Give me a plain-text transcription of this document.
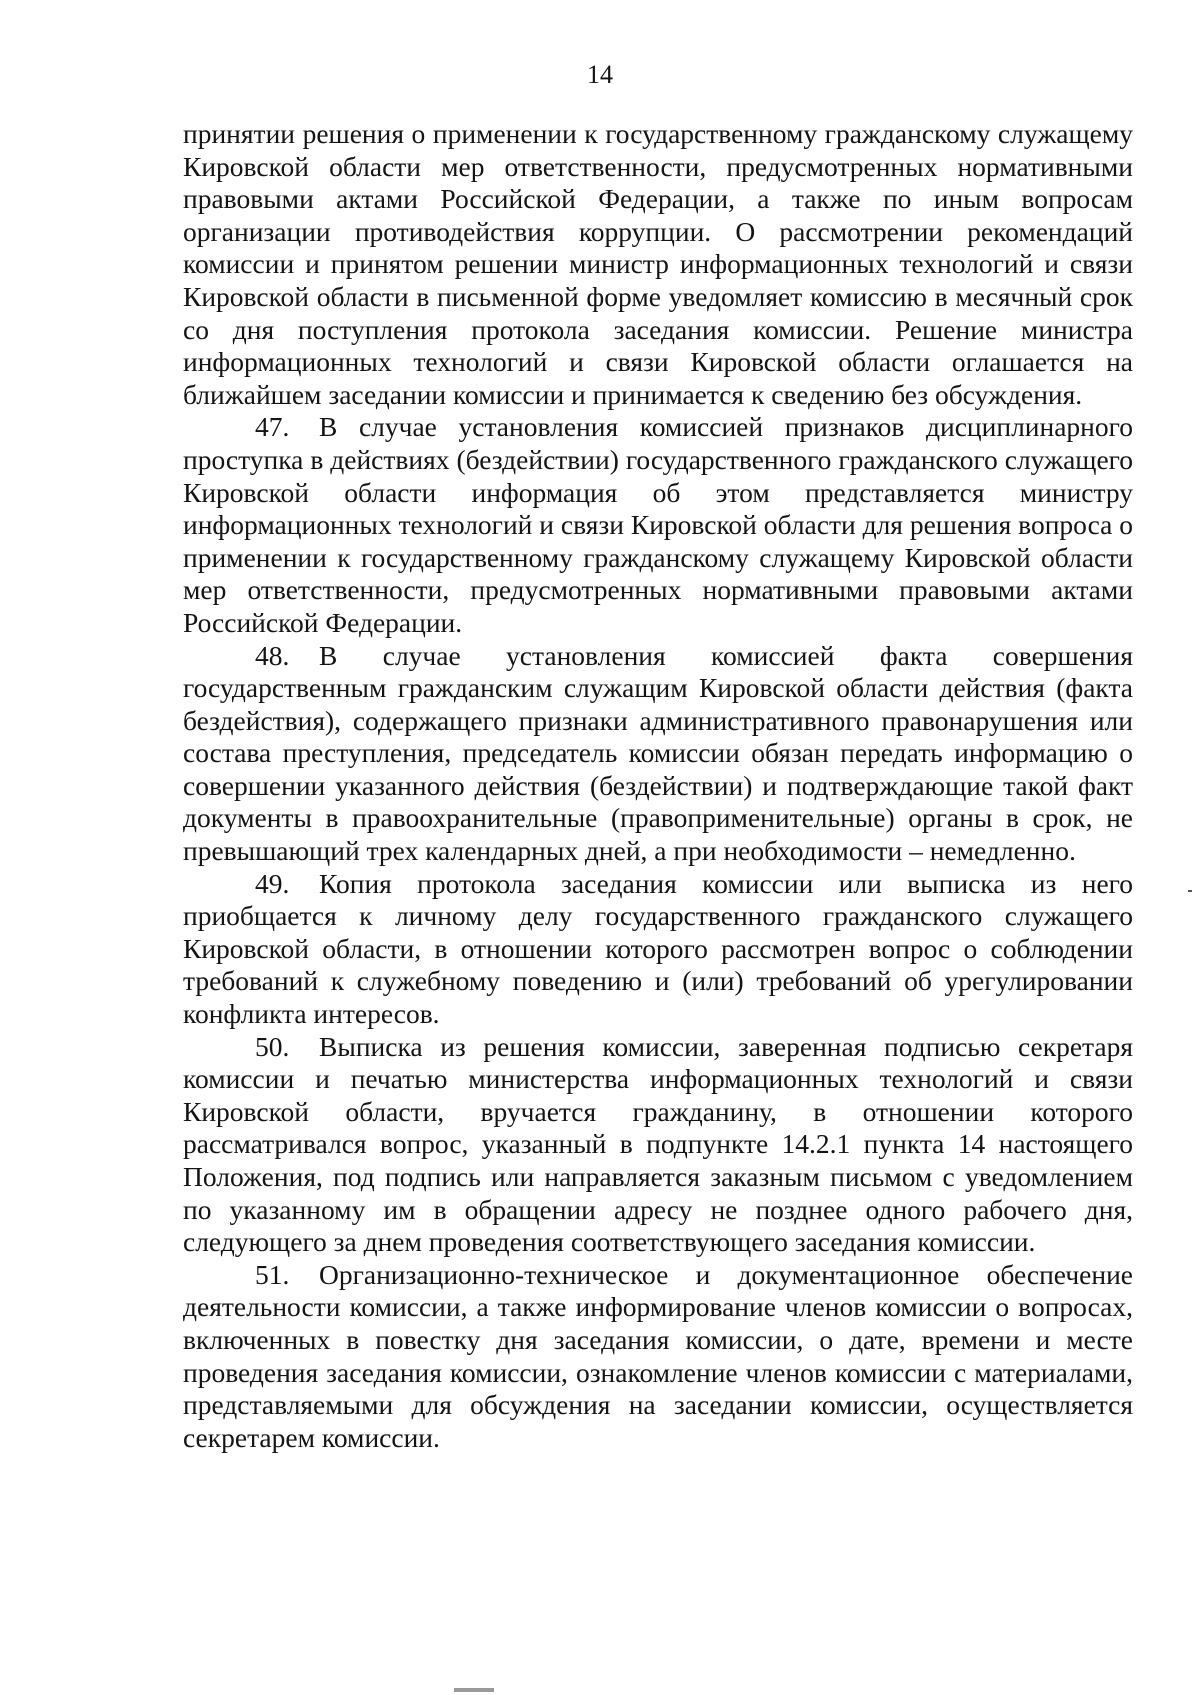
14

принятии решения о применении к государственному гражданскому служащему Кировской области мер ответственности, предусмотренных нормативными правовыми актами Российской Федерации, а также по иным вопросам организации противодействия коррупции. О рассмотрении рекомендаций комиссии и принятом решении министр информационных технологий и связи Кировской области в письменной форме уведомляет комиссию в месячный срок со дня поступления протокола заседания комиссии. Решение министра информационных технологий и связи Кировской области оглашается на ближайшем заседании комиссии и принимается к сведению без обсуждения.

47. В случае установления комиссией признаков дисциплинарного проступка в действиях (бездействии) государственного гражданского служащего Кировской области информация об этом представляется министру информационных технологий и связи Кировской области для решения вопроса о применении к государственному гражданскому служащему Кировской области мер ответственности, предусмотренных нормативными правовыми актами Российской Федерации.

48. В случае установления комиссией факта совершения государственным гражданским служащим Кировской области действия (факта бездействия), содержащего признаки административного правонарушения или состава преступления, председатель комиссии обязан передать информацию о совершении указанного действия (бездействии) и подтверждающие такой факт документы в правоохранительные (правоприменительные) органы в срок, не превышающий трех календарных дней, а при необходимости – немедленно.

49. Копия протокола заседания комиссии или выписка из него приобщается к личному делу государственного гражданского служащего Кировской области, в отношении которого рассмотрен вопрос о соблюдении требований к служебному поведению и (или) требований об урегулировании конфликта интересов.

50. Выписка из решения комиссии, заверенная подписью секретаря комиссии и печатью министерства информационных технологий и связи Кировской области, вручается гражданину, в отношении которого рассматривался вопрос, указанный в подпункте 14.2.1 пункта 14 настоящего Положения, под подпись или направляется заказным письмом с уведомлением по указанному им в обращении адресу не позднее одного рабочего дня, следующего за днем проведения соответствующего заседания комиссии.

51. Организационно-техническое и документационное обеспечение деятельности комиссии, а также информирование членов комиссии о вопросах, включенных в повестку дня заседания комиссии, о дате, времени и месте проведения заседания комиссии, ознакомление членов комиссии с материалами, представляемыми для обсуждения на заседании комиссии, осуществляется секретарем комиссии.
